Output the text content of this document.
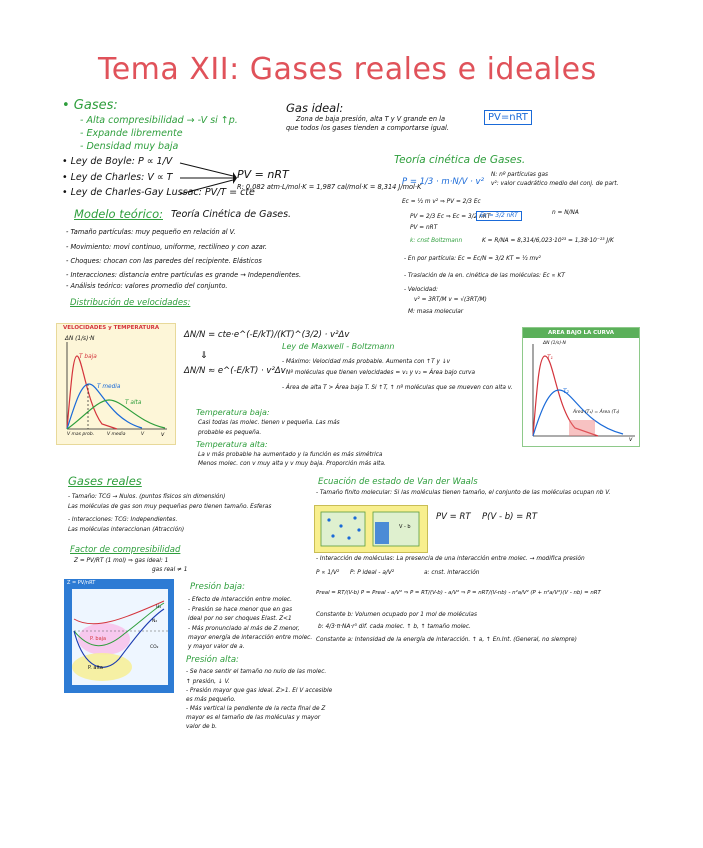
Tema XII: Gases reales e ideales
• Gases:
- Alta compresibilidad → -V si ↑p.
- Expande libremente
- Densidad muy baja
• Ley de Boyle: P ∝ 1/V
• Ley de Charles: V ∝ T
• Ley de Charles-Gay Lussac: PV/T = cte
PV = nRT
R: 0,082 atm·L/mol·K = 1,987 cal/mol·K = 8,314 J/mol·K
Gas ideal:
Zona de baja presión, alta T y V grande en la
que todos los gases tienden a comportarse igual.
PV=nRT
Teoría cinética de Gases.
P = 1/3 · m·N/V · v²
N: nº partículas gas
v²: valor cuadrático medio del conj. de part.
Ec = ½ m v² ⇒ PV = 2/3 Ec
PV = 2/3 Ec ⇒ Ec = 3/2 nRT
Ec = 3/2 nRT	n = N/NA
PV = nRT
k: cnst Boltzmann	K = R/NA = 8,314/6,023·10²³ = 1,38·10⁻²³ J/K
- En por partícula: Ec = Ec/N = 3/2 KT = ½ mv²
- Traslación de la en. cinética de las moléculas: Ec ∝ KT
- Velocidad:
v² = 3RT/M v = √(3RT/M)
M: masa molecular
Modelo teórico: Teoría Cinética de Gases.
- Tamaño partículas: muy pequeño en relación al V.
- Movimiento: movi continuo, uniforme, rectilíneo y con azar.
- Choques: chocan con las paredes del recipiente. Elásticos
- Interacciones: distancia entre partículas es grande → Independientes.
- Análisis teórico: valores promedio del conjunto.
Distribución de velocidades:
VELOCIDADES y TEMPERATURA
ΔN (1/s)·N
T baja
T media
T alta
V mas prob.	V media	V	v
ΔN/N = cte·e^(-E/kT)/(KT)^(3/2) · v²Δv
⇓
ΔN/N ≈ e^(-E/kT) · v²Δv
Ley de Maxwell - Boltzmann
- Máximo: Velocidad más probable. Aumenta con ↑T y ↓v
- Nº moléculas que tienen velocidades = v₁ y v₂ = Área bajo curva
- Área de alta T > Área baja T. Si ↑T, ↑ nº moléculas que se mueven con alta v.
AREA BAJO LA CURVA
ΔN (1/s)·N
T₁
T₂
Área (T₁) = Área (T₂)
v
Temperatura baja:
Casi todas las molec. tienen v pequeña. Las más
probable es pequeña.
Temperatura alta:
La v más probable ha aumentado y la función es más simétrica
Menos molec. con v muy alta y v muy baja. Proporción más alta.
Gases reales
- Tamaño: TCG → Nulos. (puntos físicos sin dimensión)
Las moléculas de gas son muy pequeñas pero tienen tamaño. Esferas
- Interacciones: TCG: Independientes.
Las moléculas interaccionan (Atracción)
Factor de compresibilidad
Z = PV/RT (1 mol) ⇒ gas ideal: 1
gas real ≠ 1
Z = PV/nRT
P. baja
P. alta
H₂
N₂
CO₂
Presión baja:
- Efecto de interacción entre molec.
- Presión se hace menor que en gas
ideal por no ser choques Elast. Z<1
- Más pronunciado al más de Z menor,
mayor energía de interacción entre molec.
y mayor valor de a.
Presión alta:
- Se hace sentir el tamaño no nulo de las molec.
↑ presión, ↓ V.
- Presión mayor que gas ideal. Z>1. El V accesible
es más pequeño.
- Más vertical la pendiente de la recta final de Z
mayor es el tamaño de las moléculas y mayor
valor de b.
Ecuación de estado de Van der Waals
- Tamaño finito molecular: Si las moléculas tienen tamaño, el conjunto de las moléculas ocupan nb V.
V - b
PV = RT P(V - b) = RT
- Interacción de moléculas: La presencia de una interacción entre molec. → modifica presión
P ∝ 1/V² P: P ideal - a/V²	a: cnst. interacción
Preal = RT/(V-b) P = Preal - a/V² ⇒ P = RT/(V-b) - a/V² ⇒ P = nRT/(V-nb) - n²a/V² (P + n²a/V²)(V - nb) = nRT
Constante b: Volumen ocupado por 1 mol de moléculas
b: 4/3·π·NA·r³ dif. cada molec. ↑ b, ↑ tamaño molec.
Constante a: Intensidad de la energía de interacción. ↑ a, ↑ En.Int. (General, no siempre)
